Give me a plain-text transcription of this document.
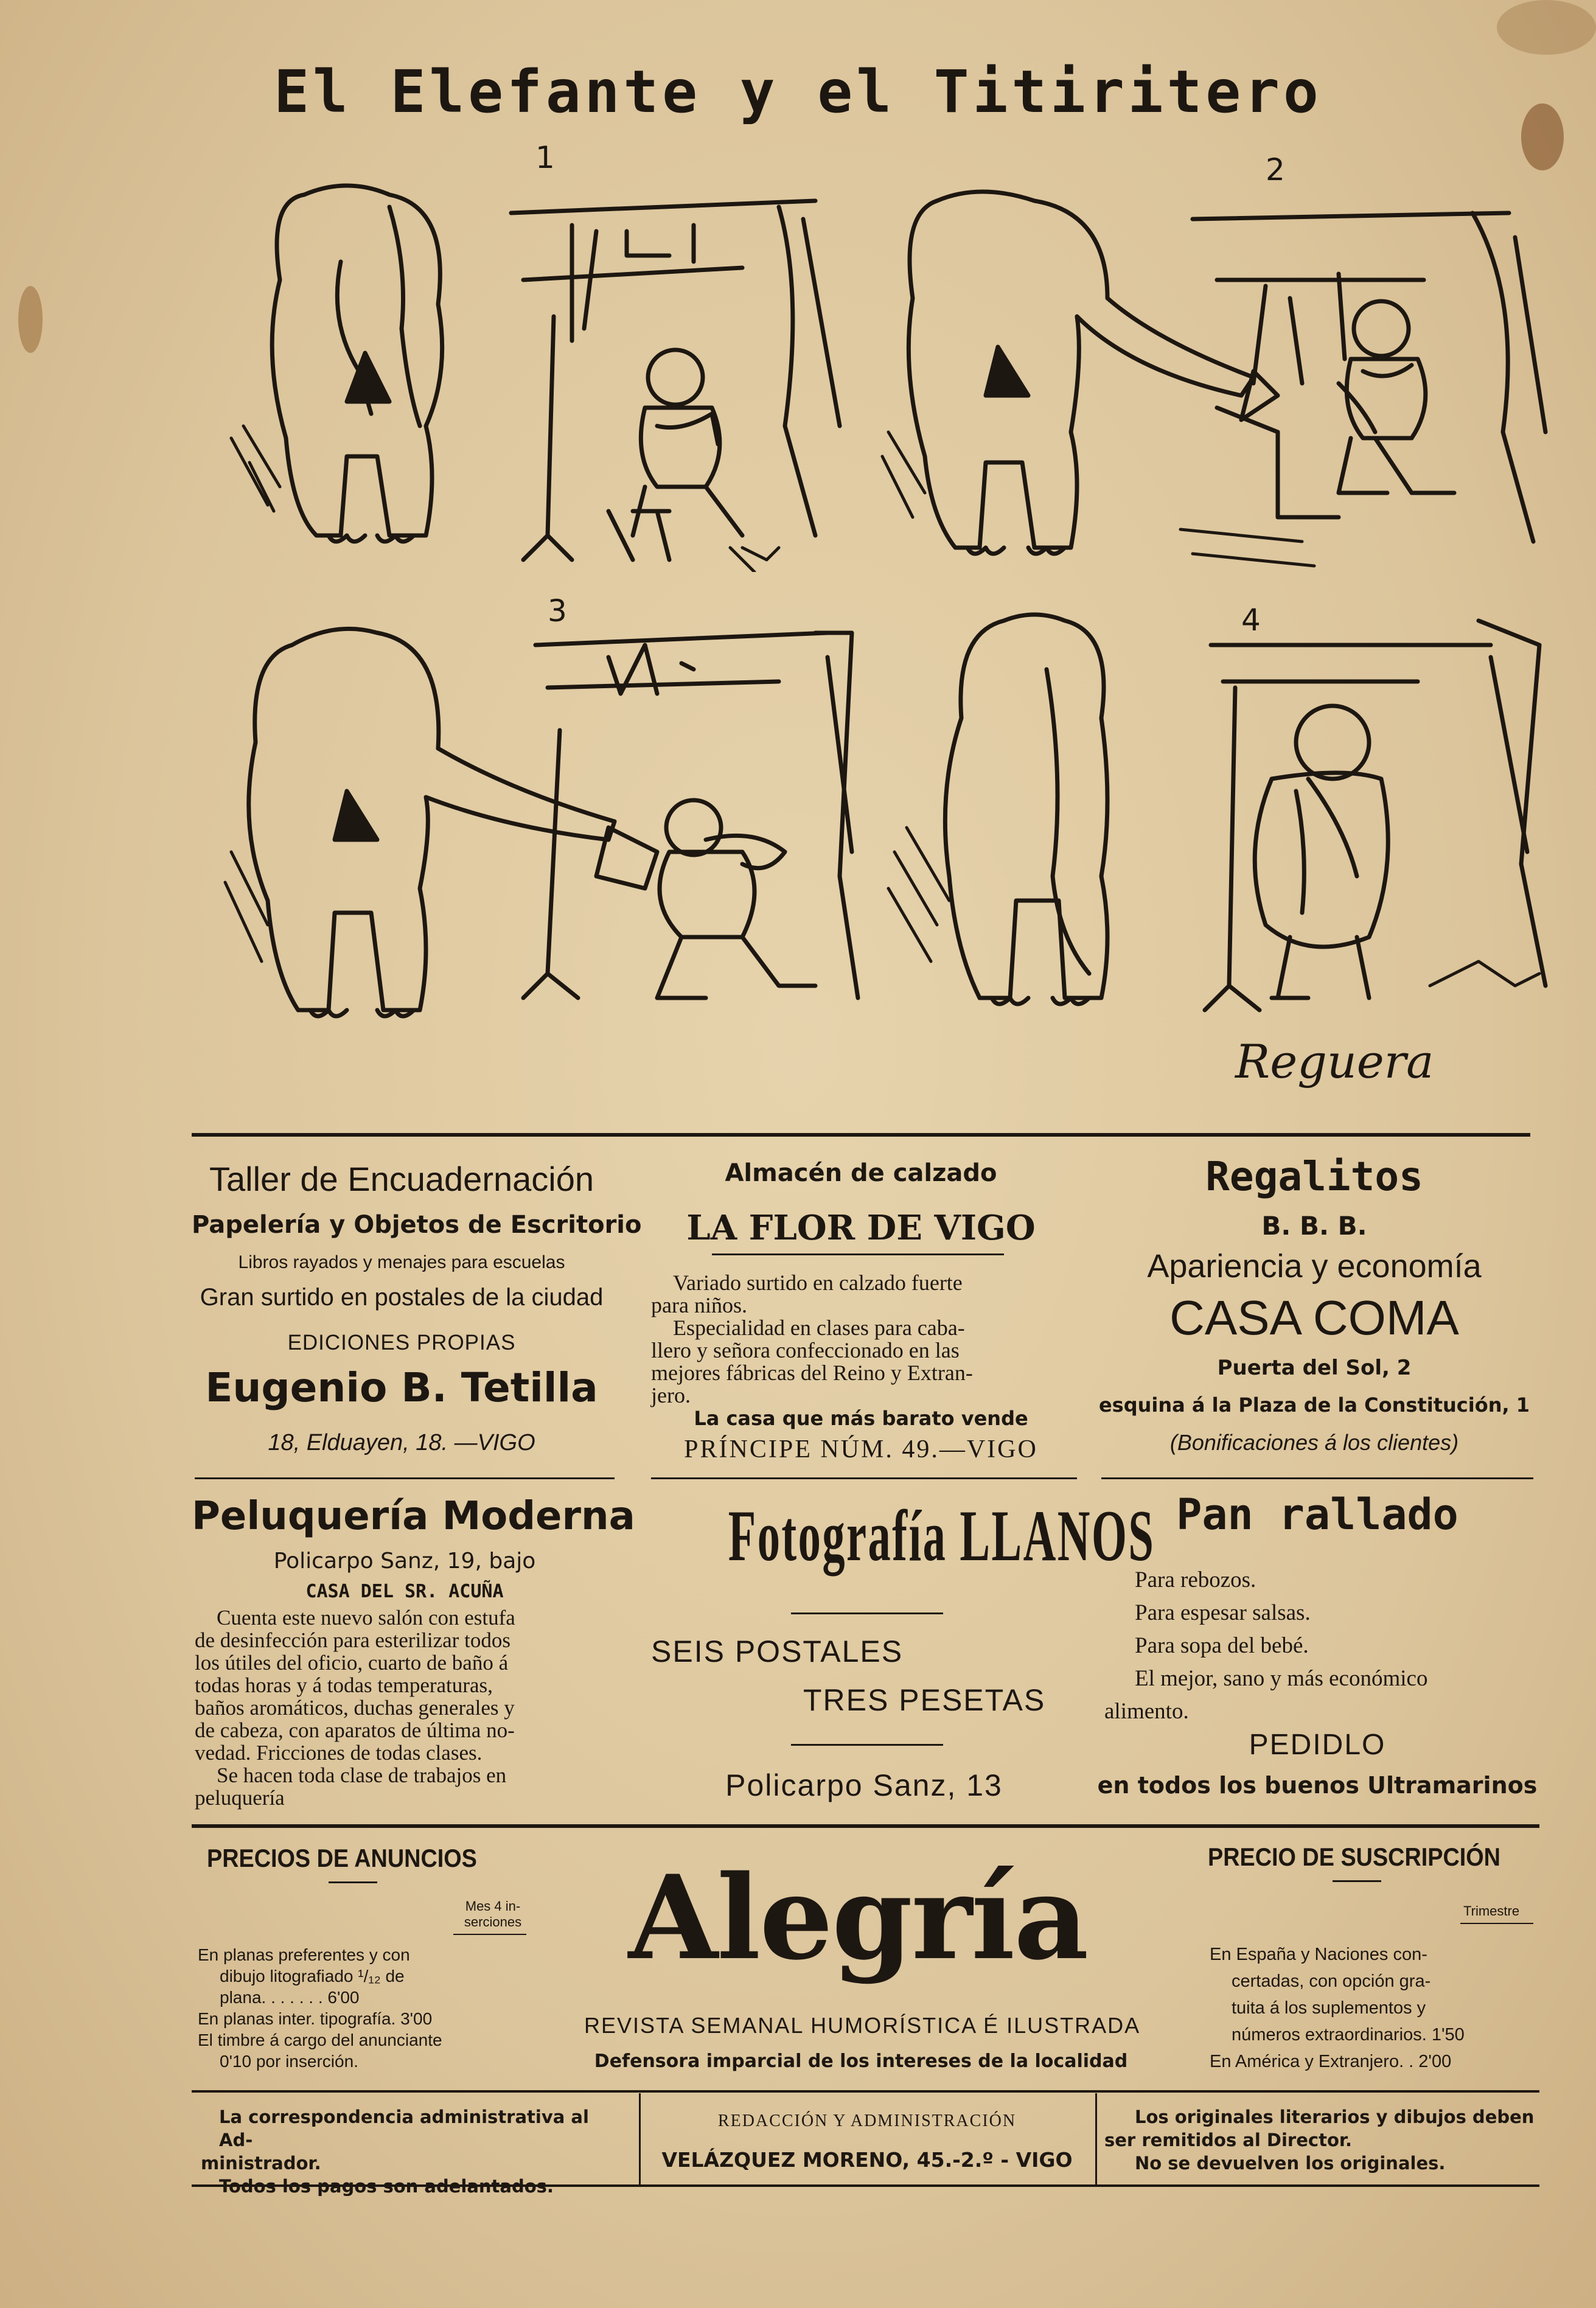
El Elefante y el Titiritero
1	2
3	4
Reguera
Taller de Encuadernación
Papelería y Objetos de Escritorio
Libros rayados y menajes para escuelas
Gran surtido en postales de la ciudad
EDICIONES PROPIAS
Eugenio B. Tetilla
18, Elduayen, 18. —VIGO
Almacén de calzado
LA FLOR DE VIGO
Variado surtido en calzado fuerte
para niños.
Especialidad en clases para caba-
llero y señora confeccionado en las
mejores fábricas del Reino y Extran-
jero.
La casa que más barato vende
PRÍNCIPE NÚM. 49.—VIGO
Regalitos
B. B. B.
Apariencia y economía
CASA COMA
Puerta del Sol, 2
esquina á la Plaza de la Constitución, 1
(Bonificaciones á los clientes)
Peluquería Moderna
Policarpo Sanz, 19, bajo
CASA DEL SR. ACUÑA
Cuenta este nuevo salón con estufa
de desinfección para esterilizar todos
los útiles del oficio, cuarto de baño á
todas horas y á todas temperaturas,
baños aromáticos, duchas generales y
de cabeza, con aparatos de última no-
vedad. Fricciones de todas clases.
Se hacen toda clase de trabajos en
peluquería
Fotografía LLANOS
SEIS POSTALES
TRES PESETAS
Policarpo Sanz, 13
Pan rallado
Para rebozos.
Para espesar salsas.
Para sopa del bebé.
El mejor, sano y más económico
alimento.
PEDIDLO
en todos los buenos Ultramarinos
PRECIOS DE ANUNCIOS
Mes 4 in- serciones
En planas preferentes y con
dibujo litografiado ¹/₁₂ de
plana. . . . . . . 6'00
En planas inter. tipografía. 3'00
El timbre á cargo del anunciante
0'10 por inserción.
Alegría
REVISTA SEMANAL HUMORÍSTICA É ILUSTRADA
Defensora imparcial de los intereses de la localidad
PRECIO DE SUSCRIPCIÓN
Trimestre
En España y Naciones con-
certadas, con opción gra-
tuita á los suplementos y
números extraordinarios. 1'50
En América y Extranjero. . 2'00
La correspondencia administrativa al Ad-
ministrador.
Todos los pagos son adelantados.
REDACCIÓN Y ADMINISTRACIÓN
VELÁZQUEZ MORENO, 45.-2.º - VIGO
Los originales literarios y dibujos deben
ser remitidos al Director.
No se devuelven los originales.
